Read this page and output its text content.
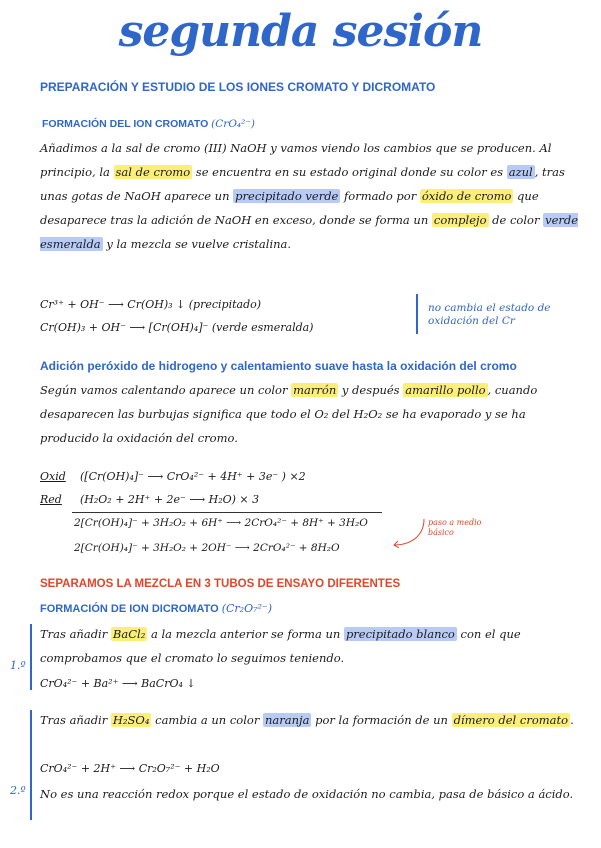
segunda sesión
PREPARACIÓN Y ESTUDIO DE LOS IONES CROMATO Y DICROMATO
FORMACIÓN DEL ION CROMATO (CrO₄²⁻)
Añadimos a la sal de cromo (III) NaOH y vamos viendo los cambios que se producen. Al principio, la sal de cromo se encuentra en su estado original donde su color es azul , tras unas gotas de NaOH aparece un precipitado verde formado por óxido de cromo que desaparece tras la adición de NaOH en exceso, donde se forma un complejo de color verde esmeralda y la mezcla se vuelve cristalina.
Cr³⁺ + OH⁻ ⟶ Cr(OH)₃ ↓ (precipitado)
Cr(OH)₃ + OH⁻ ⟶ [Cr(OH)₄]⁻ (verde esmeralda)
no cambia el estado de oxidación del Cr
Adición peróxido de hidrogeno y calentamiento suave hasta la oxidación del cromo
Según vamos calentando aparece un color marrón y después amarillo pollo , cuando desaparecen las burbujas significa que todo el O₂ del H₂O₂ se ha evaporado y se ha producido la oxidación del cromo.
Oxid ([Cr(OH)₄]⁻ ⟶ CrO₄²⁻ + 4H⁺ + 3e⁻ ) ×2
Red (H₂O₂ + 2H⁺ + 2e⁻ ⟶ H₂O) × 3
2[Cr(OH)₄]⁻ + 3H₂O₂ + 6H⁺ ⟶ 2CrO₄²⁻ + 8H⁺ + 3H₂O
2[Cr(OH)₄]⁻ + 3H₂O₂ + 2OH⁻ ⟶ 2CrO₄²⁻ + 8H₂O
paso a medio básico
SEPARAMOS LA MEZCLA EN 3 TUBOS DE ENSAYO DIFERENTES
FORMACIÓN DE ION DICROMATO (Cr₂O₇²⁻)
1.º
Tras añadir BaCl₂ a la mezcla anterior se forma un precipitado blanco con el que comprobamos que el cromato lo seguimos teniendo.
CrO₄²⁻ + Ba²⁺ ⟶ BaCrO₄ ↓
2.º
Tras añadir H₂SO₄ cambia a un color naranja por la formación de un dímero del cromato .
CrO₄²⁻ + 2H⁺ ⟶ Cr₂O₇²⁻ + H₂O
No es una reacción redox porque el estado de oxidación no cambia, pasa de básico a ácido.
